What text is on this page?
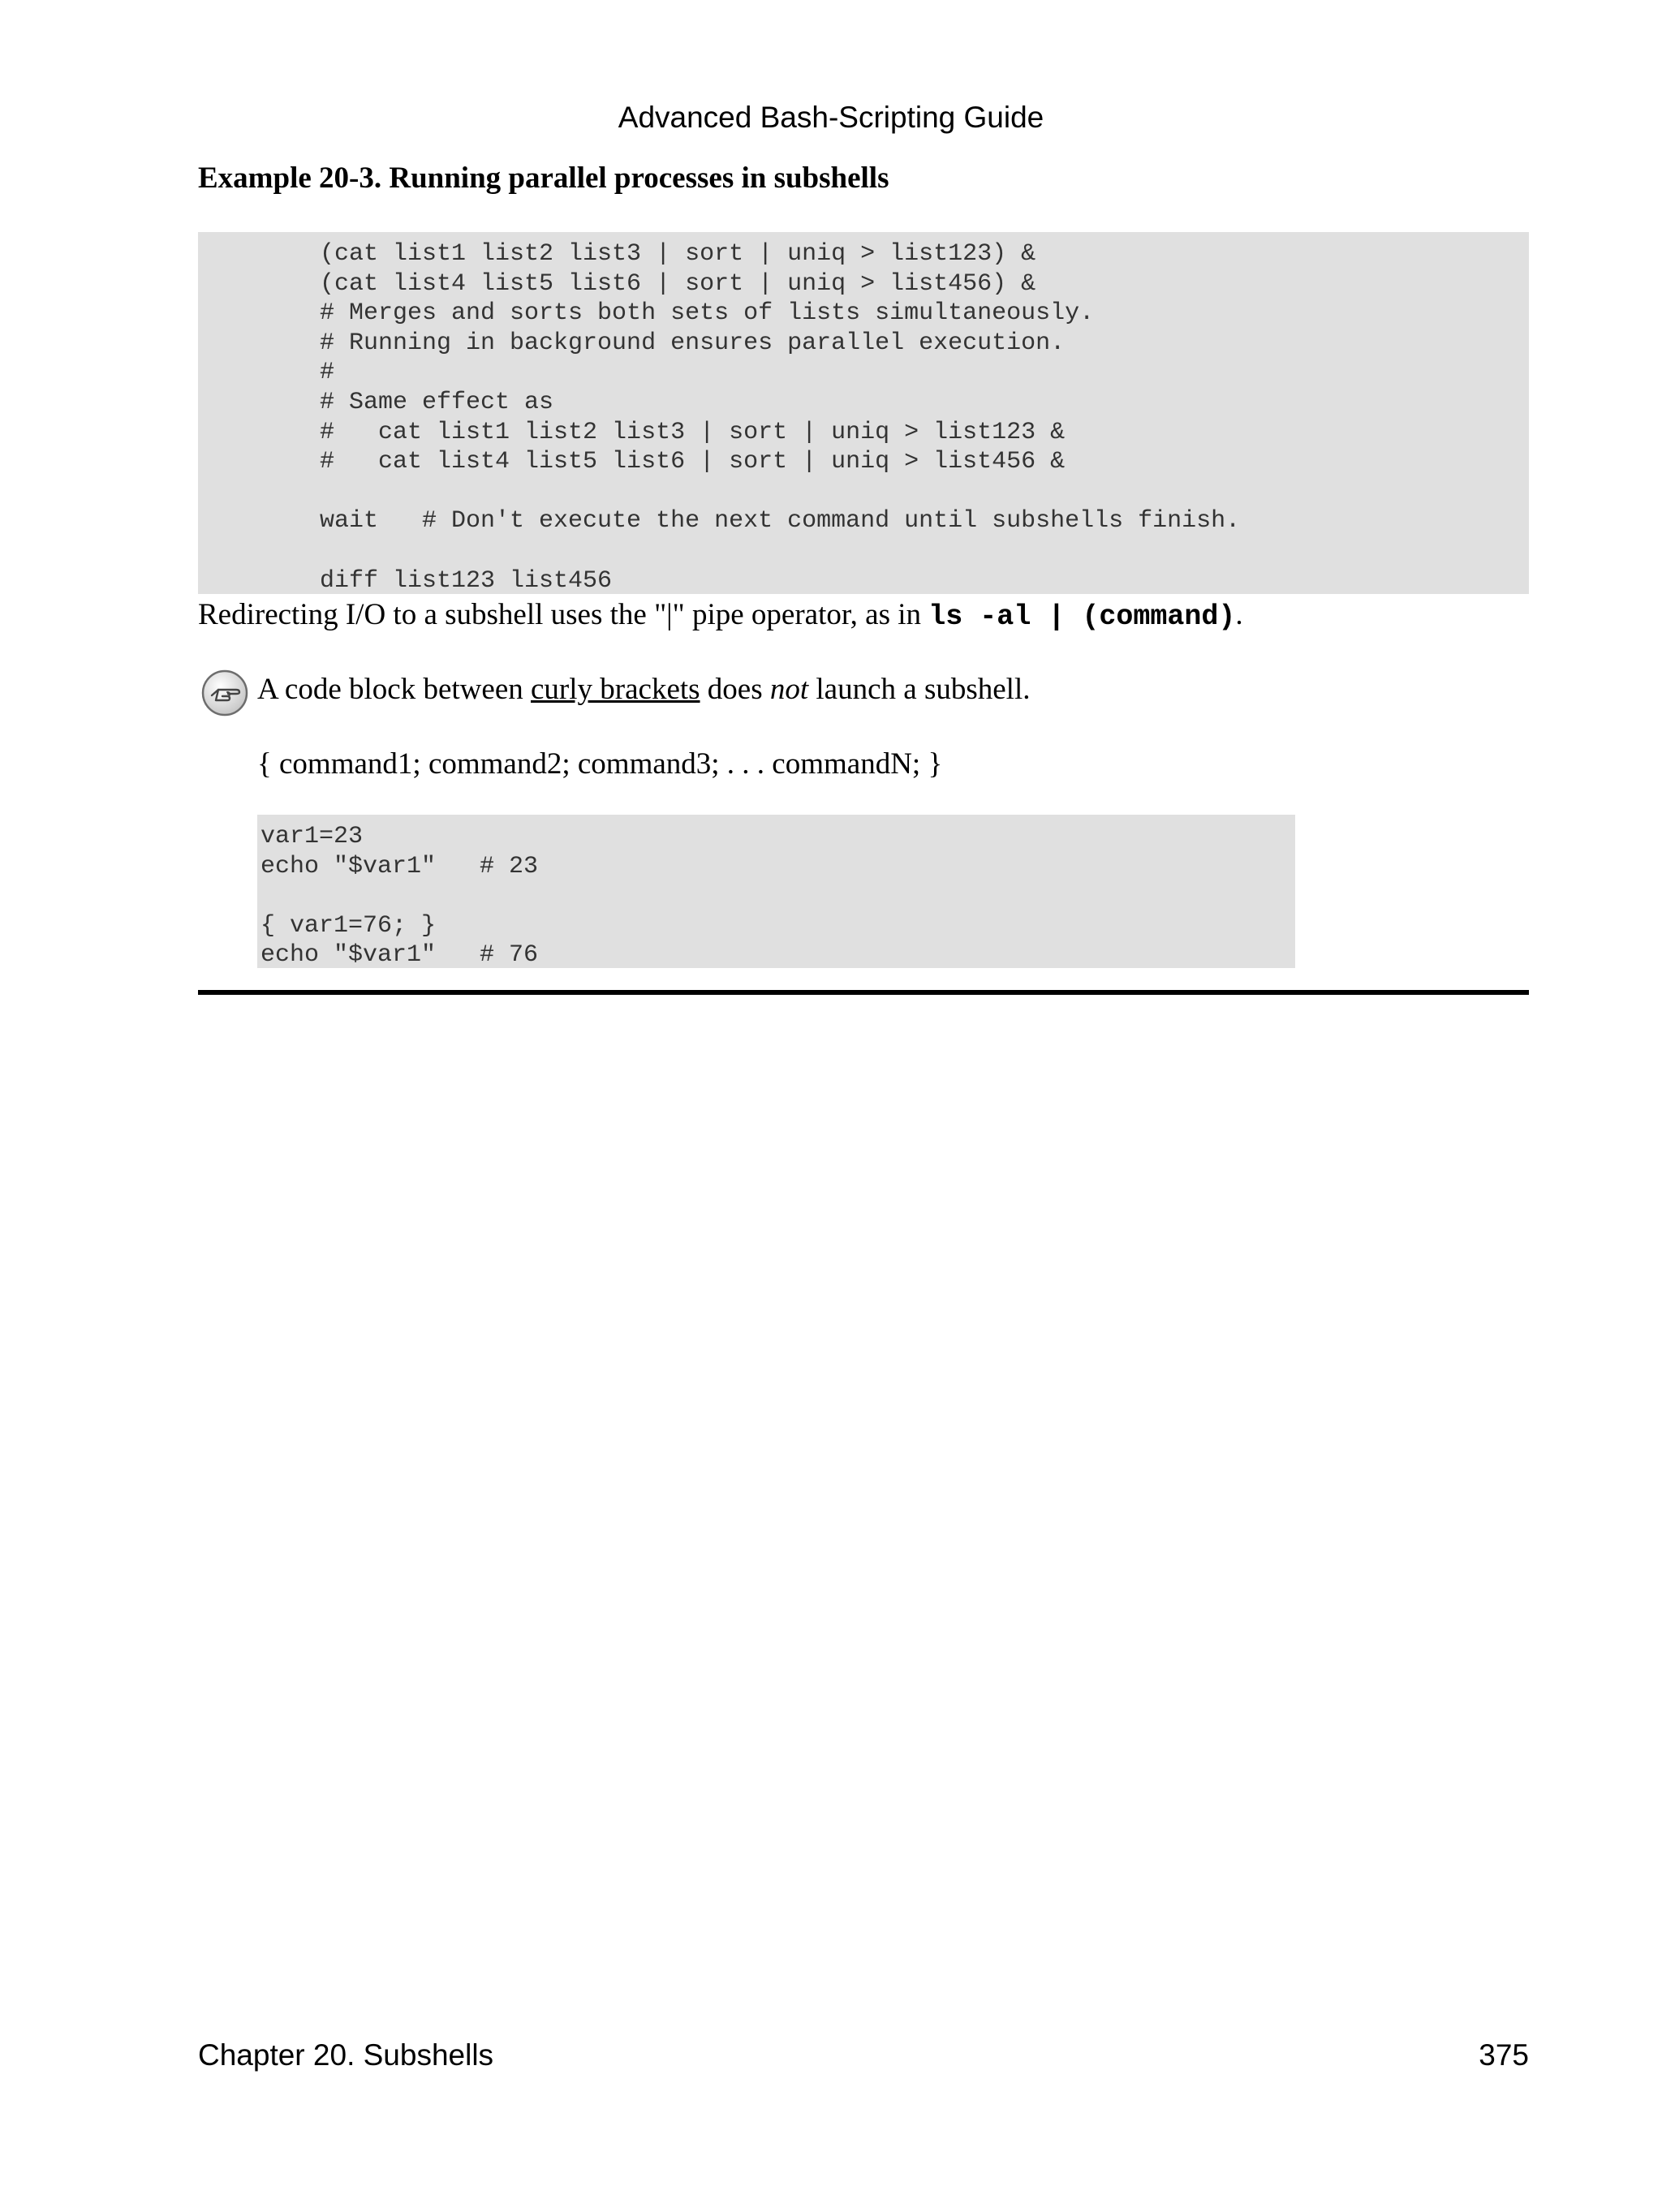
Advanced Bash-Scripting Guide
Example 20-3. Running parallel processes in subshells
(cat list1 list2 list3 | sort | uniq > list123) &
(cat list4 list5 list6 | sort | uniq > list456) &
# Merges and sorts both sets of lists simultaneously.
# Running in background ensures parallel execution.
#
# Same effect as
#   cat list1 list2 list3 | sort | uniq > list123 &
#   cat list4 list5 list6 | sort | uniq > list456 &

wait   # Don't execute the next command until subshells finish.

diff list123 list456
Redirecting I/O to a subshell uses the "|" pipe operator, as in ls -al | (command).
A code block between curly brackets does not launch a subshell.
{ command1; command2; command3; . . . commandN; }
var1=23
echo "$var1"   # 23

{ var1=76; }
echo "$var1"   # 76
Chapter 20. Subshells	375
